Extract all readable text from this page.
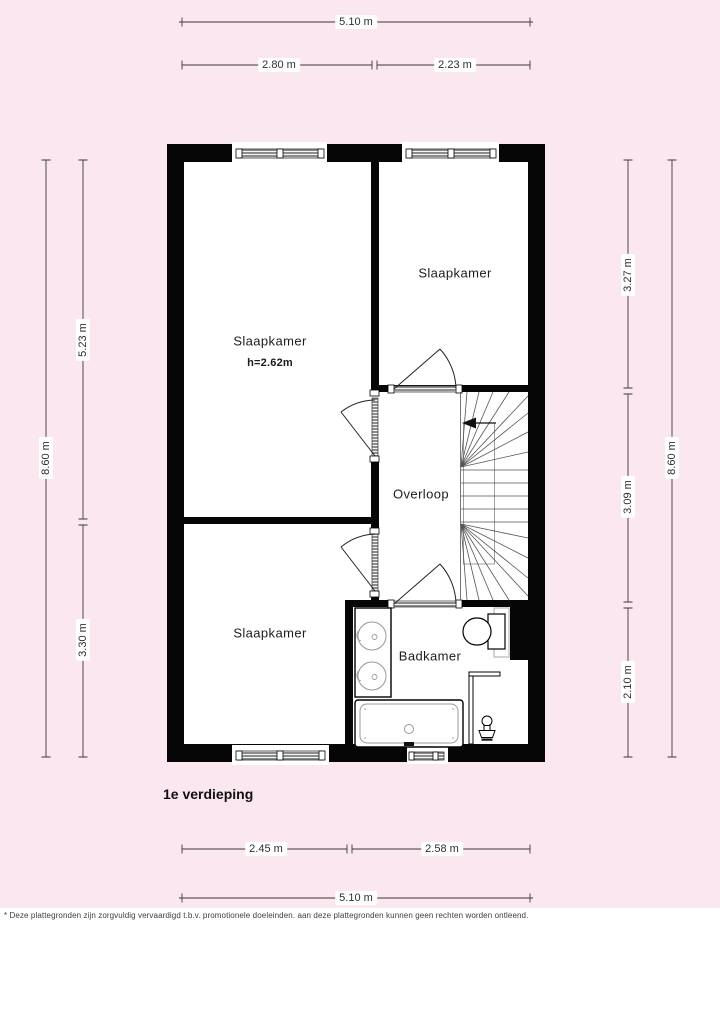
Slaapkamer
h=2.62m
Slaapkamer
Slaapkamer
Overloop
Badkamer
5.10 m
2.80 m	2.23 m
8.60 m
5.23 m
3.30 m
3.27 m
3.09 m
2.10 m
8.60 m
2.45 m	2.58 m
5.10 m
1e verdieping
* Deze plattegronden zijn zorgvuldig vervaardigd t.b.v. promotionele doeleinden. aan deze plattegronden kunnen geen rechten worden ontleend.
